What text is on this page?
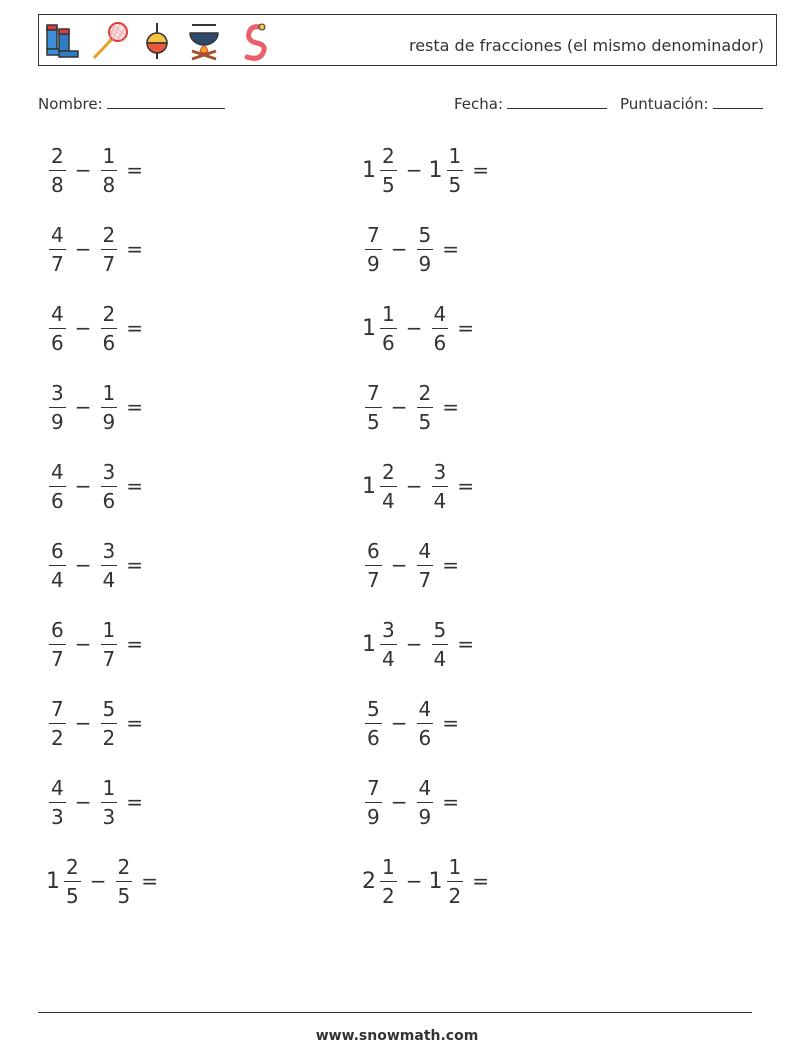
resta de fracciones (el mismo denominador)
Nombre:	Fecha:	Puntuación:
$\frac{2}{8} - \frac{1}{8}$ =
$\frac{4}{7} - \frac{2}{7}$ =
$\frac{4}{6} - \frac{2}{6}$ =
$\frac{3}{9} - \frac{1}{9}$ =
$\frac{4}{6} - \frac{3}{6}$ =
$\frac{6}{4} - \frac{3}{4}$ =
$\frac{6}{7} - \frac{1}{7}$ =
$\frac{7}{2} - \frac{5}{2}$ =
$\frac{4}{3} - \frac{1}{3}$ =
$1 \frac{2}{5} - \frac{2}{5}$ =
$1 \frac{2}{5} - 1 \frac{1}{5}$ =
$\frac{7}{9} - \frac{5}{9}$ =
$1 \frac{1}{6} - \frac{4}{6}$ =
$\frac{7}{5} - \frac{2}{5}$ =
$1 \frac{2}{4} - \frac{3}{4}$ =
$\frac{6}{7} - \frac{4}{7}$ =
$1 \frac{3}{4} - \frac{5}{4}$ =
$\frac{5}{6} - \frac{4}{6}$ =
$\frac{7}{9} - \frac{4}{9}$ =
$2 \frac{1}{2} - 1 \frac{1}{2}$ =
www.snowmath.com
